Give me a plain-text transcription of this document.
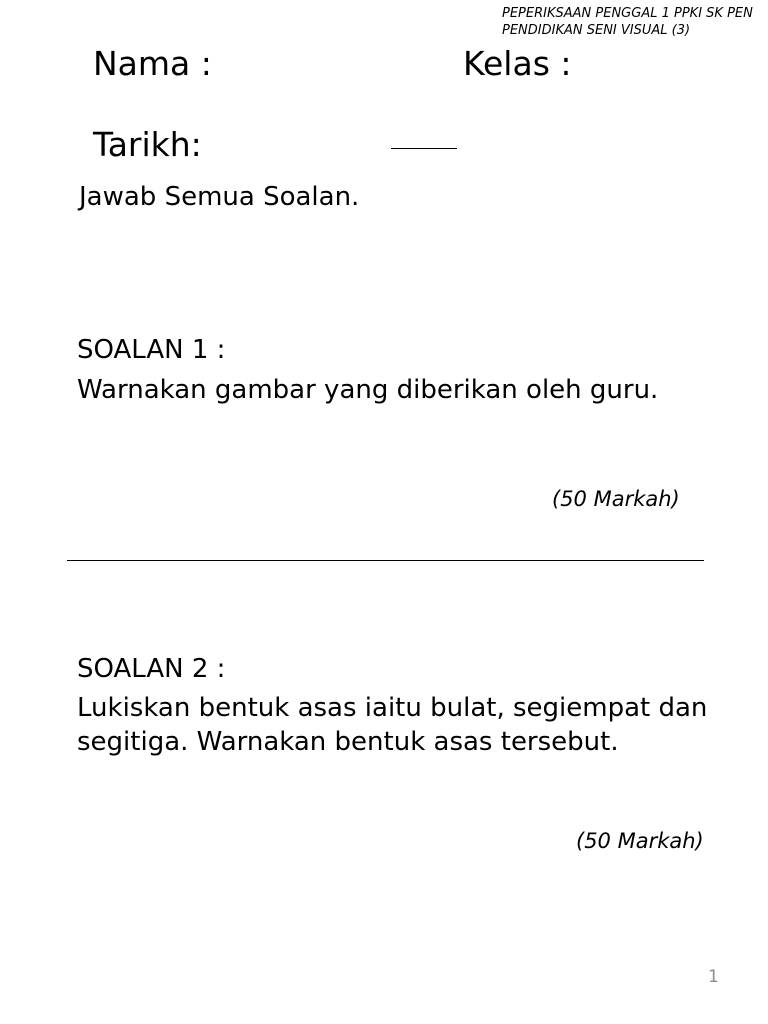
PEPERIKSAAN PENGGAL 1 PPKI SK PEN
PENDIDIKAN SENI VISUAL (3)
Nama :	Kelas :
Tarikh:
Jawab Semua Soalan.
SOALAN 1 :
Warnakan gambar yang diberikan oleh guru.
(50 Markah)
SOALAN 2 :
Lukiskan bentuk asas iaitu bulat, segiempat dan segitiga. Warnakan bentuk asas tersebut.
(50 Markah)
1
